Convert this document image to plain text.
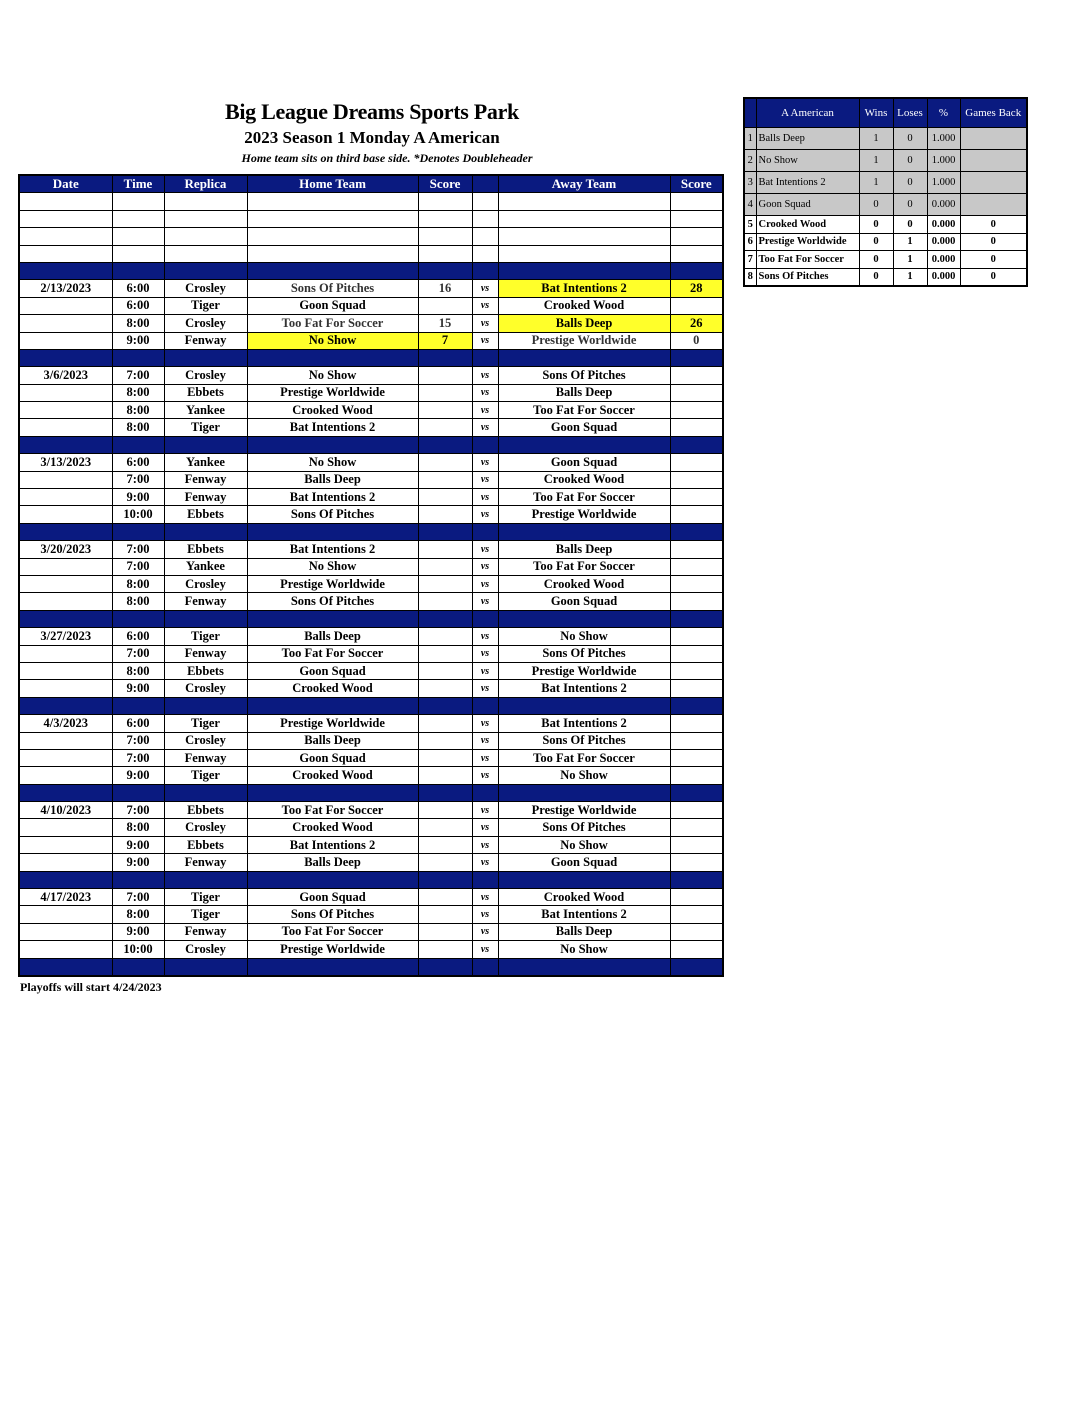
Big League Dreams Sports Park
2023 Season 1 Monday A American
Home team sits on third base side. *Denotes Doubleheader
Date	Time	Replica	Home Team	Score		Away Team	Score

2/13/2023	6:00	Crosley	Sons Of Pitches	16	vs	Bat Intentions 2	28
	6:00	Tiger	Goon Squad		vs	Crooked Wood	
	8:00	Crosley	Too Fat For Soccer	15	vs	Balls Deep	26
	9:00	Fenway	No Show	7	vs	Prestige Worldwide	0

3/6/2023	7:00	Crosley	No Show		vs	Sons Of Pitches	
	8:00	Ebbets	Prestige Worldwide		vs	Balls Deep	
	8:00	Yankee	Crooked Wood		vs	Too Fat For Soccer	
	8:00	Tiger	Bat Intentions 2		vs	Goon Squad	

3/13/2023	6:00	Yankee	No Show		vs	Goon Squad	
	7:00	Fenway	Balls Deep		vs	Crooked Wood	
	9:00	Fenway	Bat Intentions 2		vs	Too Fat For Soccer	
	10:00	Ebbets	Sons Of Pitches		vs	Prestige Worldwide	

3/20/2023	7:00	Ebbets	Bat Intentions 2		vs	Balls Deep	
	7:00	Yankee	No Show		vs	Too Fat For Soccer	
	8:00	Crosley	Prestige Worldwide		vs	Crooked Wood	
	8:00	Fenway	Sons Of Pitches		vs	Goon Squad	

3/27/2023	6:00	Tiger	Balls Deep		vs	No Show	
	7:00	Fenway	Too Fat For Soccer		vs	Sons Of Pitches	
	8:00	Ebbets	Goon Squad		vs	Prestige Worldwide	
	9:00	Crosley	Crooked Wood		vs	Bat Intentions 2	

4/3/2023	6:00	Tiger	Prestige Worldwide		vs	Bat Intentions 2	
	7:00	Crosley	Balls Deep		vs	Sons Of Pitches	
	7:00	Fenway	Goon Squad		vs	Too Fat For Soccer	
	9:00	Tiger	Crooked Wood		vs	No Show	

4/10/2023	7:00	Ebbets	Too Fat For Soccer		vs	Prestige Worldwide	
	8:00	Crosley	Crooked Wood		vs	Sons Of Pitches	
	9:00	Ebbets	Bat Intentions 2		vs	No Show	
	9:00	Fenway	Balls Deep		vs	Goon Squad	

4/17/2023	7:00	Tiger	Goon Squad		vs	Crooked Wood	
	8:00	Tiger	Sons Of Pitches		vs	Bat Intentions 2	
	9:00	Fenway	Too Fat For Soccer		vs	Balls Deep	
	10:00	Crosley	Prestige Worldwide		vs	No Show	

Playoffs will start 4/24/2023
	A American	Wins	Loses	%	Games Back
1	Balls Deep	1	0	1.000	
2	No Show	1	0	1.000	
3	Bat Intentions 2	1	0	1.000	
4	Goon Squad	0	0	0.000	
5	Crooked Wood	0	0	0.000	0
6	Prestige Worldwide	0	1	0.000	0
7	Too Fat For Soccer	0	1	0.000	0
8	Sons Of Pitches	0	1	0.000	0
